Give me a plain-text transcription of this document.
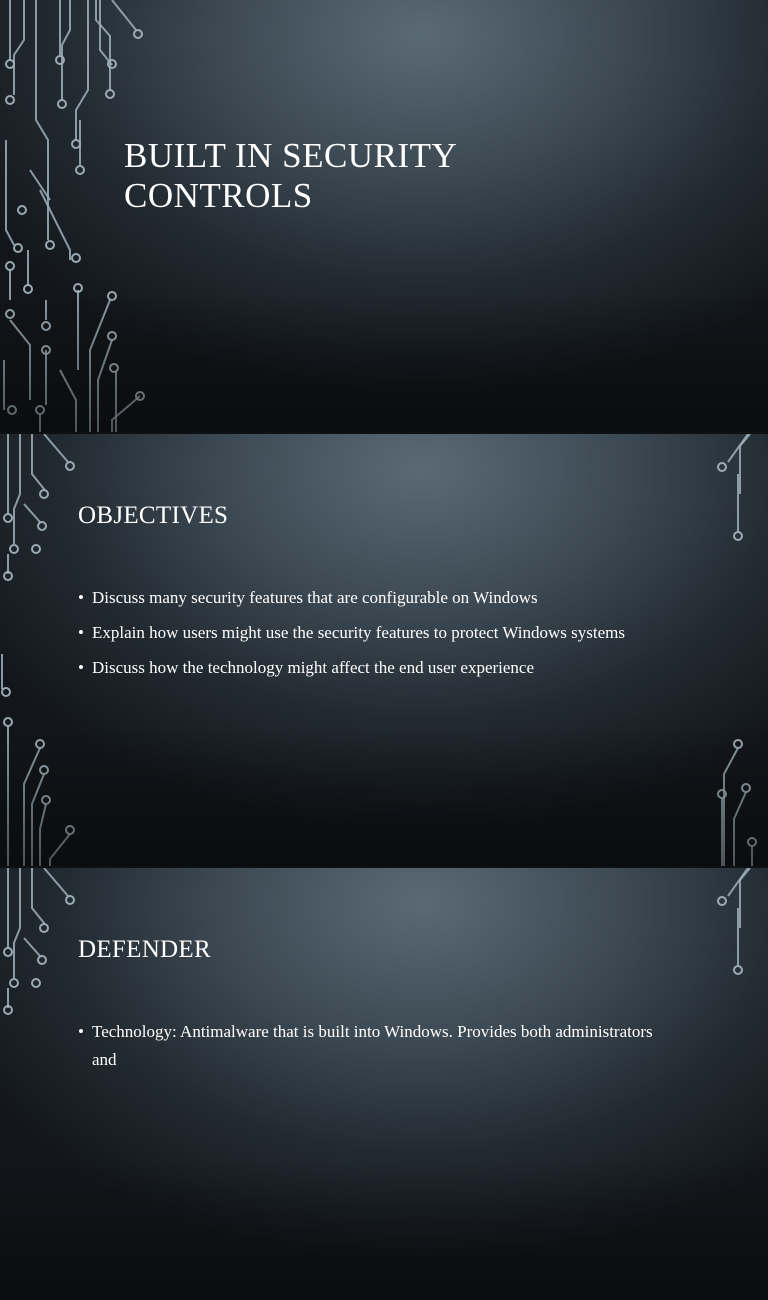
BUILT IN SECURITY
CONTROLS
OBJECTIVES
• Discuss many security features that are configurable on Windows
• Explain how users might use the security features to protect Windows systems
• Discuss how the technology might affect the end user experience
DEFENDER
• Technology: Antimalware that is built into Windows. Provides both administrators and
